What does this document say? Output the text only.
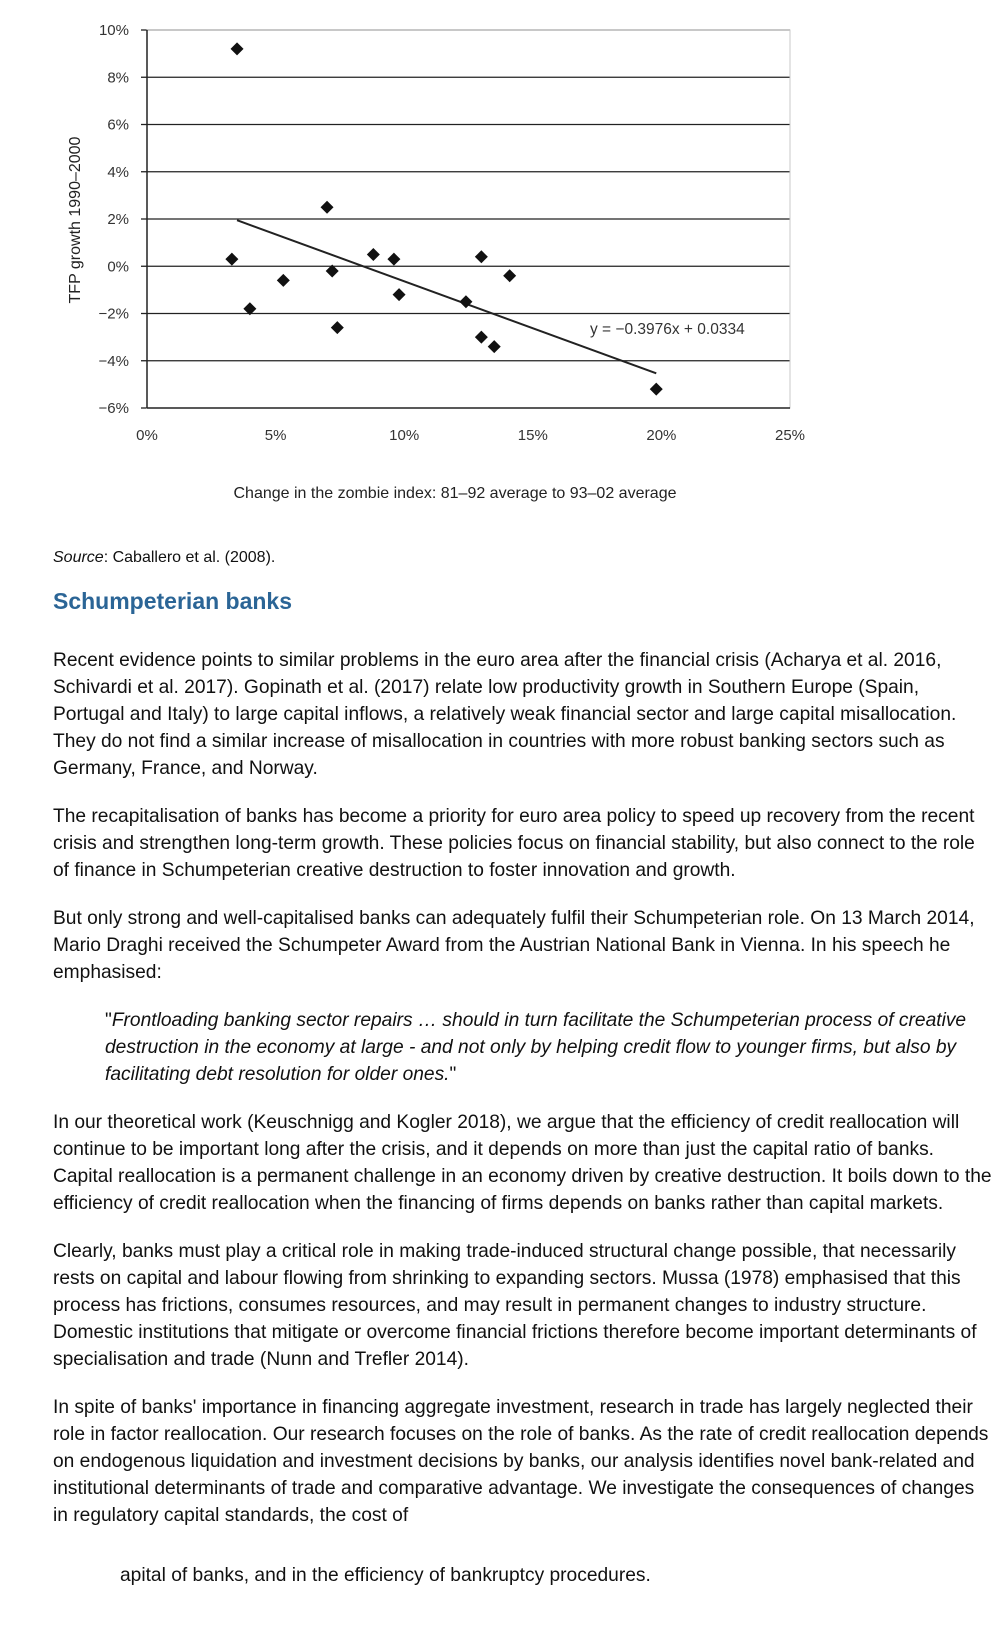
10%
8%
6%
4%
2%
0%
−2%
−4%
−6%
0%	5%	10%	15%	20%	25%
y = −0.3976x + 0.0334
TFP growth 1990–2000
Change in the zombie index: 81–92 average to 93–02 average
Source: Caballero et al. (2008).
Schumpeterian banks

Recent evidence points to similar problems in the euro area after the financial crisis (Acharya et al. 2016, Schivardi et al. 2017). Gopinath et al. (2017) relate low productivity growth in Southern Europe (Spain, Portugal and Italy) to large capital inflows, a relatively weak financial sector and large capital misallocation. They do not find a similar increase of misallocation in countries with more robust banking sectors such as Germany, France, and Norway.

The recapitalisation of banks has become a priority for euro area policy to speed up recovery from the recent crisis and strengthen long-term growth. These policies focus on financial stability, but also connect to the role of finance in Schumpeterian creative destruction to foster innovation and growth.

But only strong and well-capitalised banks can adequately fulfil their Schumpeterian role. On 13 March 2014, Mario Draghi received the Schumpeter Award from the Austrian National Bank in Vienna. In his speech he emphasised:

"Frontloading banking sector repairs … should in turn facilitate the Schumpeterian process of creative destruction in the economy at large - and not only by helping credit flow to younger firms, but also by facilitating debt resolution for older ones."

In our theoretical work (Keuschnigg and Kogler 2018), we argue that the efficiency of credit reallocation will continue to be important long after the crisis, and it depends on more than just the capital ratio of banks. Capital reallocation is a permanent challenge in an economy driven by creative destruction. It boils down to the efficiency of credit reallocation when the financing of firms depends on banks rather than capital markets.

Clearly, banks must play a critical role in making trade-induced structural change possible, that necessarily rests on capital and labour flowing from shrinking to expanding sectors. Mussa (1978) emphasised that this process has frictions, consumes resources, and may result in permanent changes to industry structure. Domestic institutions that mitigate or overcome financial frictions therefore become important determinants of specialisation and trade (Nunn and Trefler 2014).

In spite of banks' importance in financing aggregate investment, research in trade has largely neglected their role in factor reallocation. Our research focuses on the role of banks. As the rate of credit reallocation depends on endogenous liquidation and investment decisions by banks, our analysis identifies novel bank-related and institutional determinants of trade and comparative advantage. We investigate the consequences of changes in regulatory capital standards, the cost of

apital of banks, and in the efficiency of bankruptcy procedures.
